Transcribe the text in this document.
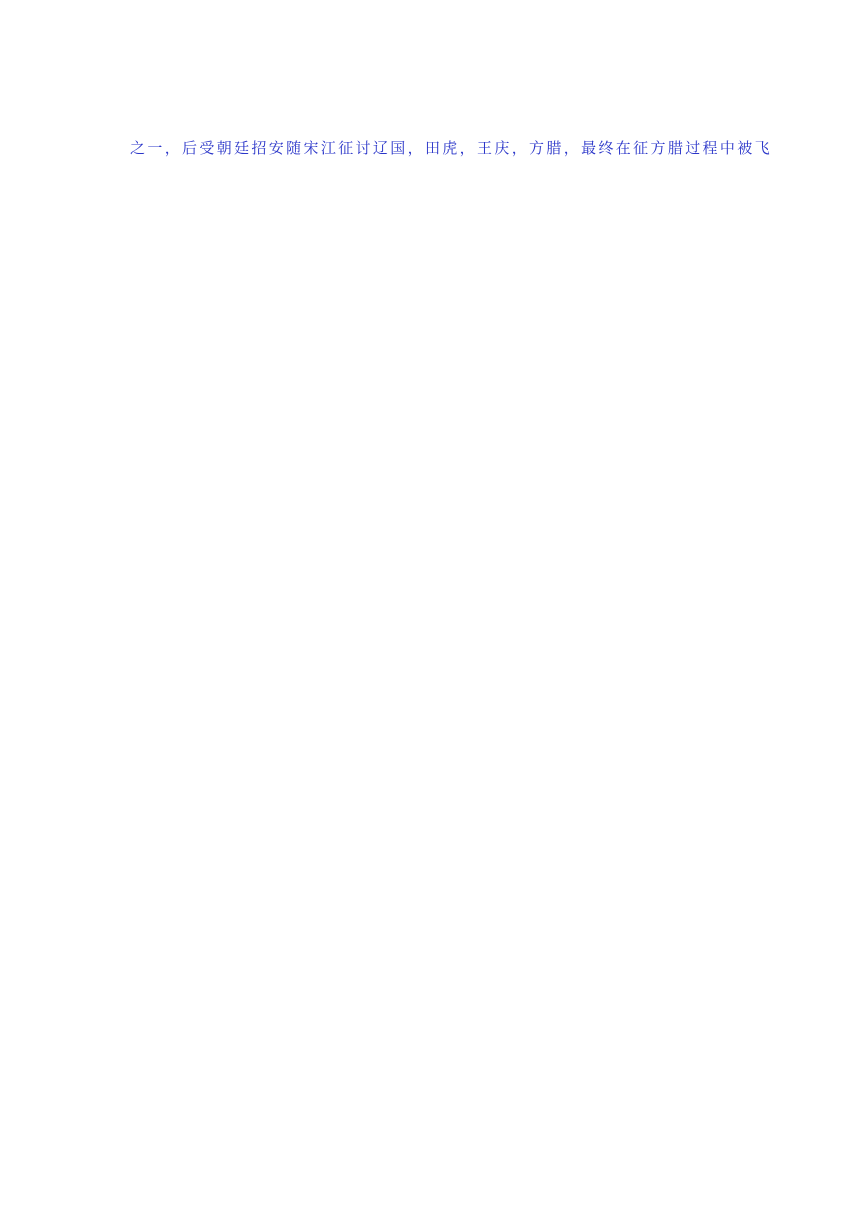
之一，后受朝廷招安随宋江征讨辽国，田虎，王庆，方腊，最终在征方腊过程中被飞
